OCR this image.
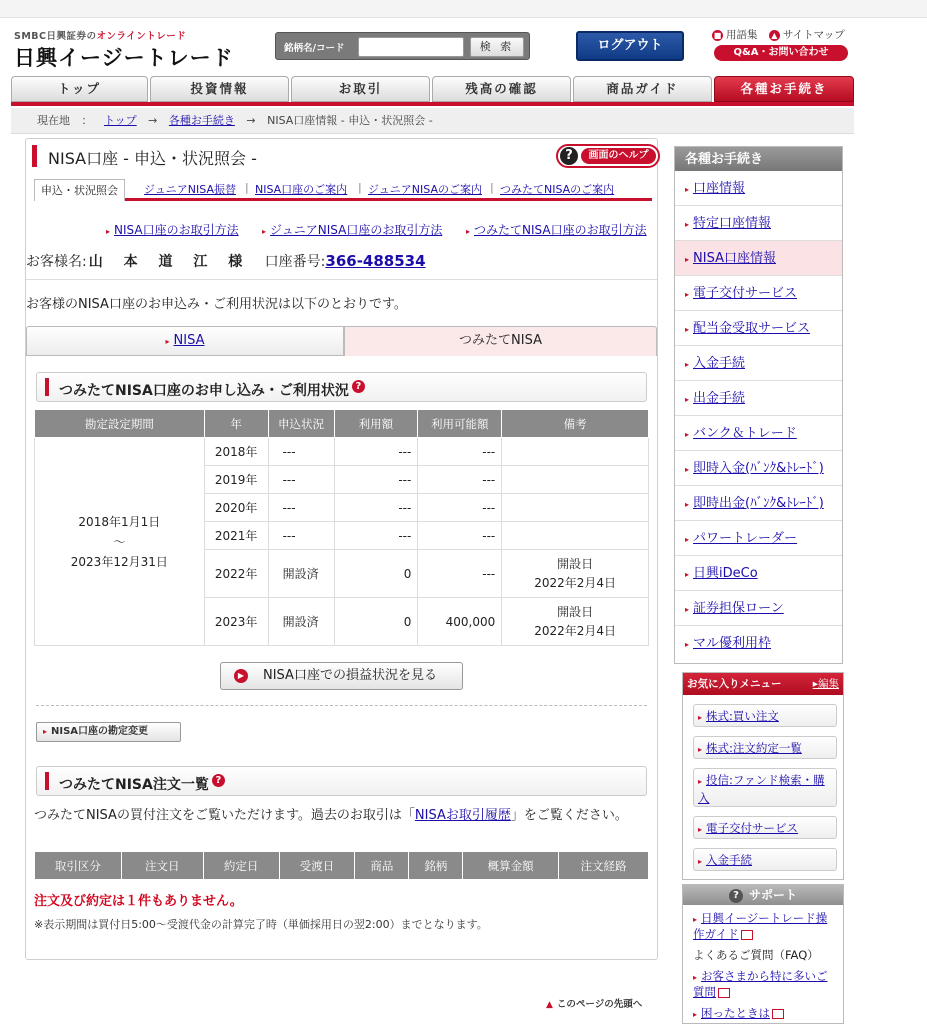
SMBC日興証券のオンライントレード
日興イージートレード	銘柄名/コード	検 索	ログアウト
■ 用語集 ▲ サイトマップ
Q&A・お問い合わせ
トップ	投資情報	お取引	残高の確認	商品ガイド	各種お手続き
現在地 ： トップ → 各種お手続き → NISA口座情報 - 申込・状況照会 -
NISA口座 - 申込・状況照会 -	?	画面のヘルプ
申込・状況照会	ジュニアNISA振替 | NISA口座のご案内 | ジュニアNISAのご案内 | つみたてNISAのご案内
▸ NISA口座のお取引方法	▸ ジュニアNISA口座のお取引方法	▸ つみたてNISA口座のお取引方法
お客様名: 山 本 道 江 様 口座番号:366-488534
お客様のNISA口座のお申込み・ご利用状況は以下のとおりです。
▸ NISA	つみたてNISA
つみたてNISA口座のお申し込み・ご利用状況 ?
勘定設定期間	年	申込状況	利用額	利用可能額	備考

2018年1月1日
～
2023年12月31日	2018年	---	---	---	
	2019年	---	---	---	
	2020年	---	---	---	
	2021年	---	---	---	
	2022年	開設済	0	---	開設日
2022年2月4日

	2023年	開設済	0	400,000	開設日
2022年2月4日
▶	NISA口座での損益状況を見る
▸ NISA口座の勘定変更
つみたてNISA注文一覧 ?
つみたてNISAの買付注文をご覧いただけます。過去のお取引は「NISAお取引履歴」をご覧ください。
取引区分	注文日	約定日	受渡日	商品	銘柄	概算金額	注文経路
注文及び約定は１件もありません。
※表示期間は買付日5:00～受渡代金の計算完了時（単価採用日の翌2:00）までとなります。
▲ このページの先頭へ
各種お手続き
▸ 口座情報
▸ 特定口座情報
▸ NISA口座情報
▸ 電子交付サービス
▸ 配当金受取サービス
▸ 入金手続
▸ 出金手続
▸ バンク＆トレード
▸ 即時入金(ﾊﾞﾝｸ&ﾄﾚｰﾄﾞ)
▸ 即時出金(ﾊﾞﾝｸ&ﾄﾚｰﾄﾞ)
▸ パワートレーダー
▸ 日興iDeCo
▸ 証券担保ローン
▸ マル優利用枠
お気に入りメニュー	▸編集
▸ 株式:買い注文
▸ 株式:注文約定一覧
▸ 投信:ファンド検索・購入
▸ 電子交付サービス
▸ 入金手続
? サポート
▸ 日興イージートレード操作ガイド
よくあるご質問（FAQ）
▸ お客さまから特に多いご質問
▸ 困ったときは
